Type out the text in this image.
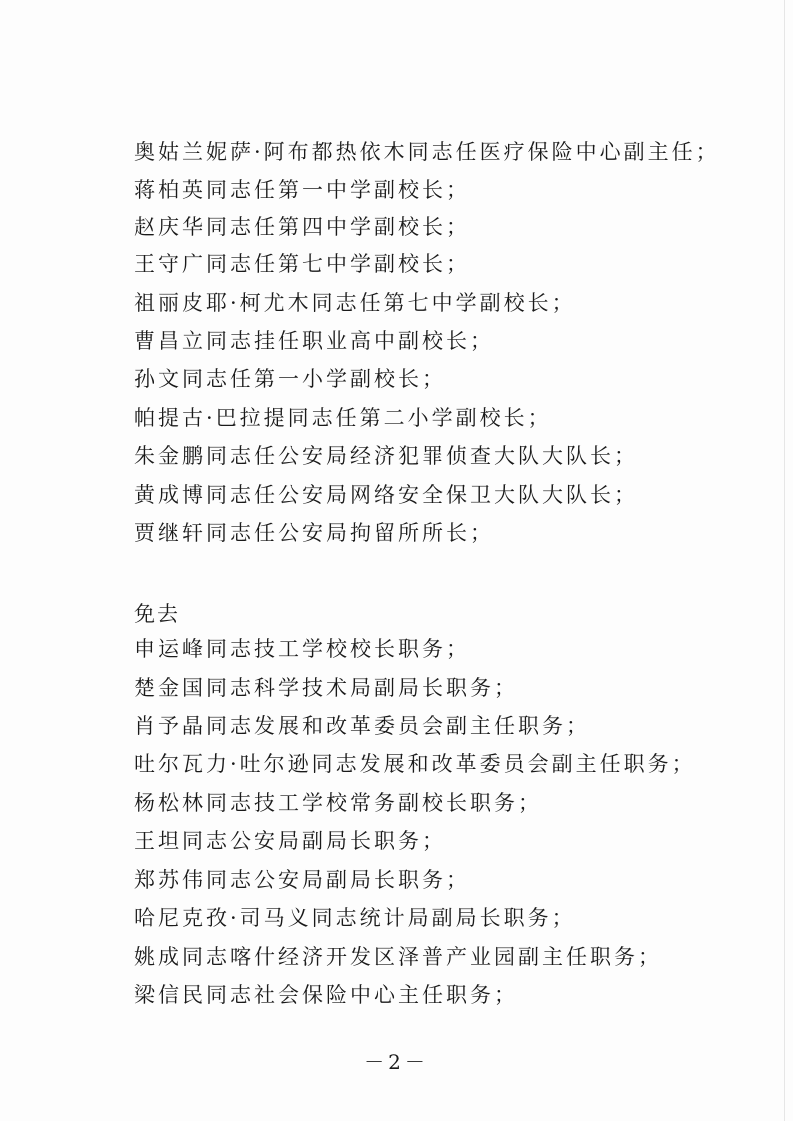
奥姑兰妮萨·阿布都热依木同志任医疗保险中心副主任；
蒋柏英同志任第一中学副校长；
赵庆华同志任第四中学副校长；
王守广同志任第七中学副校长；
祖丽皮耶·柯尤木同志任第七中学副校长；
曹昌立同志挂任职业高中副校长；
孙文同志任第一小学副校长；
帕提古·巴拉提同志任第二小学副校长；
朱金鹏同志任公安局经济犯罪侦查大队大队长；
黄成博同志任公安局网络安全保卫大队大队长；
贾继轩同志任公安局拘留所所长；
免去
申运峰同志技工学校校长职务；
楚金国同志科学技术局副局长职务；
肖予晶同志发展和改革委员会副主任职务；
吐尔瓦力·吐尔逊同志发展和改革委员会副主任职务；
杨松林同志技工学校常务副校长职务；
王坦同志公安局副局长职务；
郑苏伟同志公安局副局长职务；
哈尼克孜·司马义同志统计局副局长职务；
姚成同志喀什经济开发区泽普产业园副主任职务；
梁信民同志社会保险中心主任职务；
－2－
